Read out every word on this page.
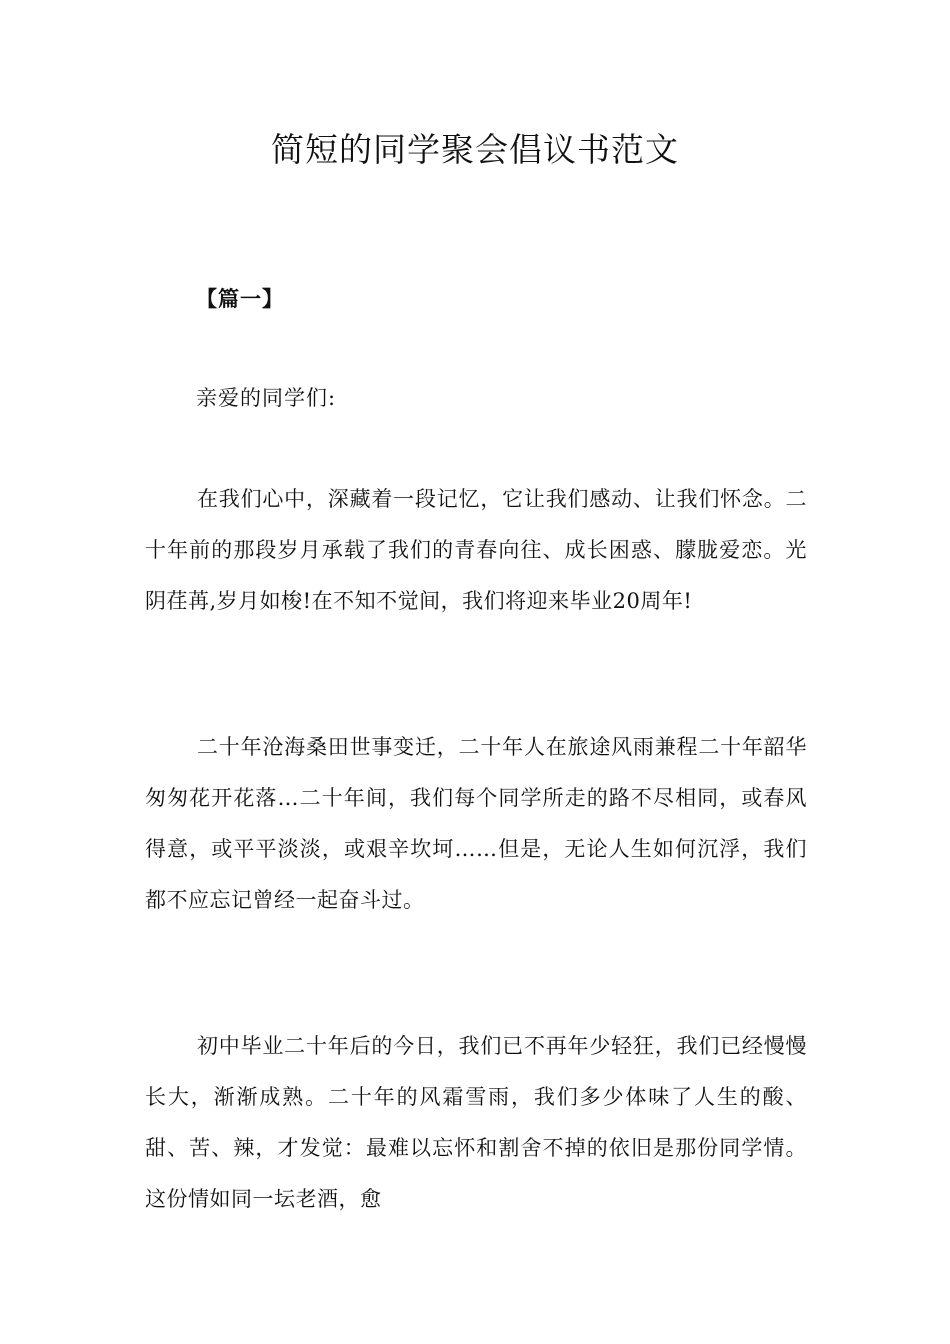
简短的同学聚会倡议书范文
【篇一】
亲爱的同学们:

在我们心中，深藏着一段记忆，它让我们感动、让我们怀念。二十年前的那段岁月承载了我们的青春向往、成长困惑、朦胧爱恋。光阴荏苒,岁月如梭!在不知不觉间，我们将迎来毕业20周年!

二十年沧海桑田世事变迁，二十年人在旅途风雨兼程二十年韶华匆匆花开花落…二十年间，我们每个同学所走的路不尽相同，或春风得意，或平平淡淡，或艰辛坎坷……但是，无论人生如何沉浮，我们都不应忘记曾经一起奋斗过。

初中毕业二十年后的今日，我们已不再年少轻狂，我们已经慢慢长大，渐渐成熟。二十年的风霜雪雨，我们多少体味了人生的酸、甜、苦、辣，才发觉：最难以忘怀和割舍不掉的依旧是那份同学情。这份情如同一坛老酒，愈
